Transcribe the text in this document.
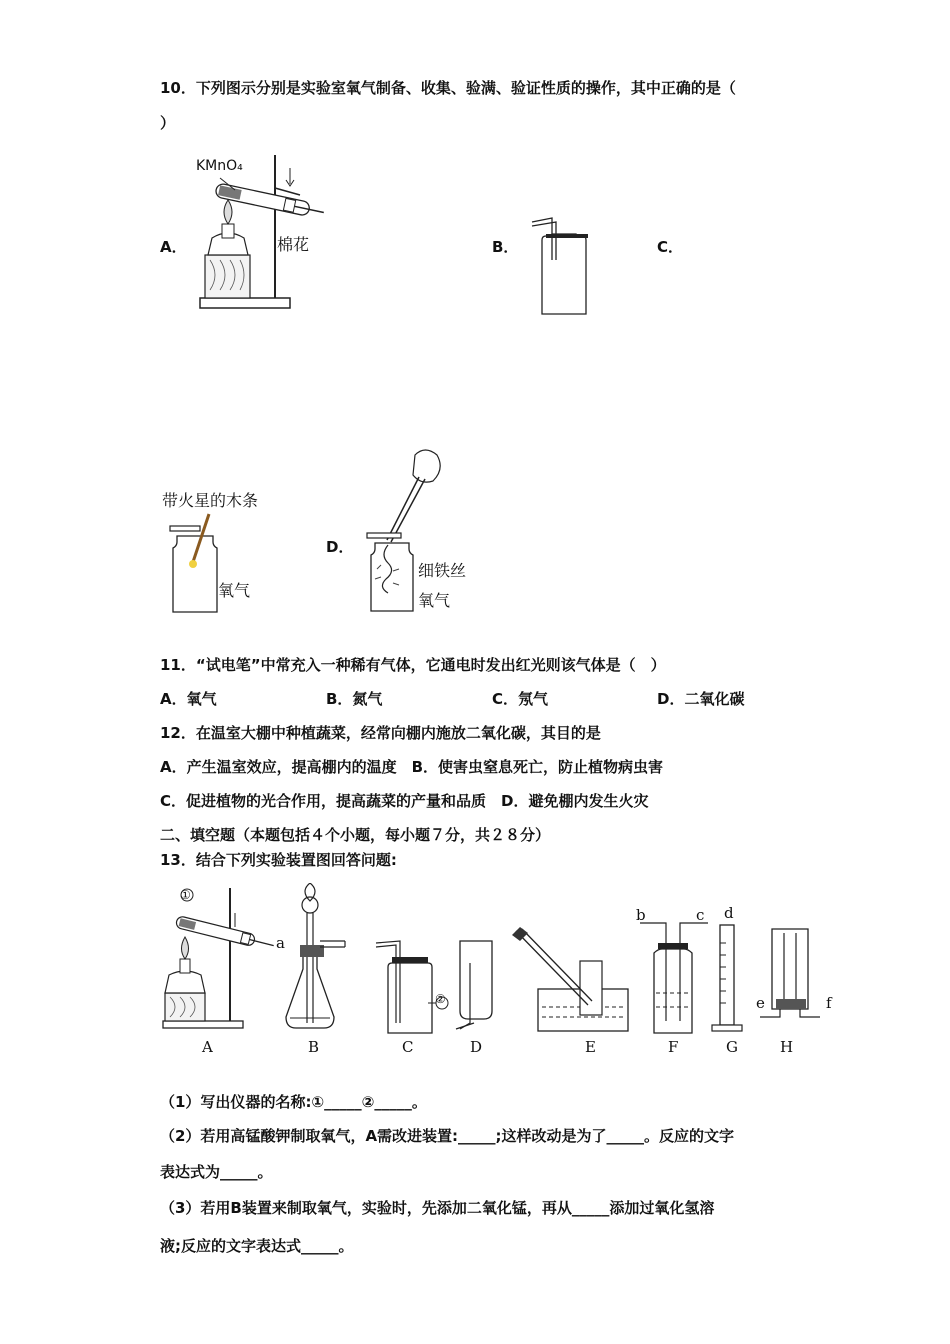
10．下列图示分别是实验室氧气制备、收集、验满、验证性质的操作，其中正确的是（
）
A．	B．	C．
D．
KMnO₄
棉花
带火星的木条
氧气
细铁丝
氧气
11．“试电笔”中常充入一种稀有气体，它通电时发出红光则该气体是（　）
A．氧气	B．氮气	C．氖气	D．二氧化碳
12．在温室大棚中种植蔬菜，经常向棚内施放二氧化碳，其目的是
A．产生温室效应，提高棚内的温度　B．使害虫窒息死亡，防止植物病虫害
C．促进植物的光合作用，提高蔬菜的产量和品质　D．避免棚内发生火灾
二、填空题（本题包括４个小题，每小题７分，共２８分）
13．结合下列实验装置图回答问题:
①
a
②
b	c d
e	f
A	B	C	D	E	F	G	H
（1）写出仪器的名称:①_____②_____。
（2）若用高锰酸钾制取氧气，A需改进装置:_____;这样改动是为了_____。反应的文字
表达式为_____。
（3）若用B装置来制取氧气，实验时，先添加二氧化锰，再从_____添加过氧化氢溶
液;反应的文字表达式_____。
